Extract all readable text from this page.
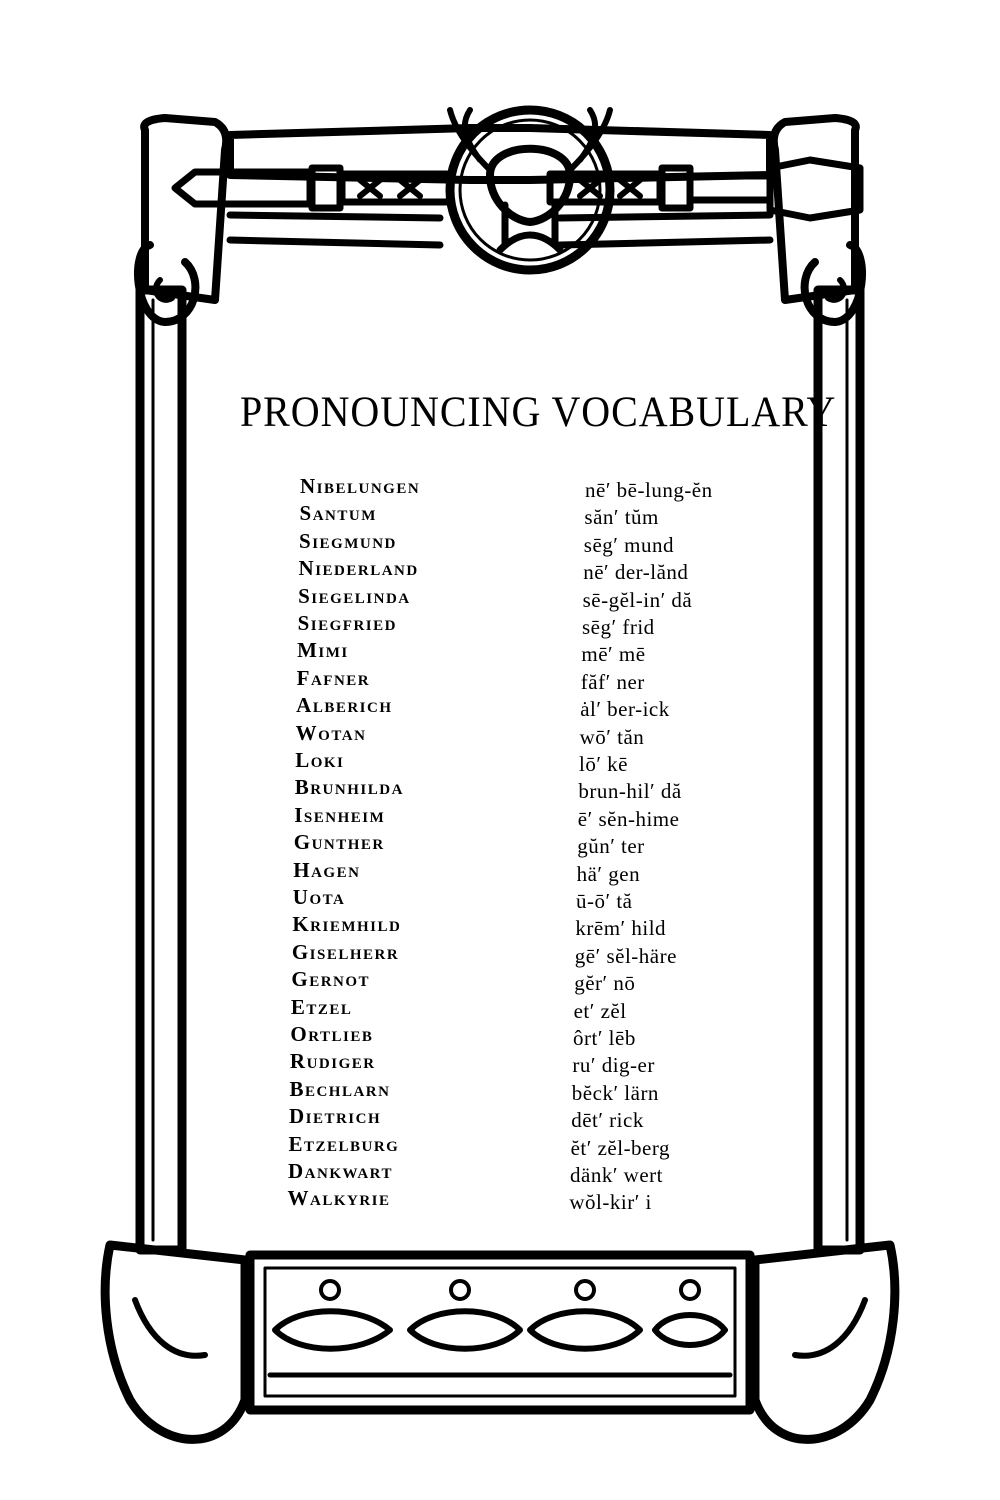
PRONOUNCING VOCABULARY
Nibelungen	nē′ bē-lung-ĕn
Santum	săn′ tŭm
Siegmund	sēg′ mund
Niederland	nē′ der-lănd
Siegelinda	sē-gĕl-in′ dă
Siegfried	sēg′ frid
Mimi	mē′ mē
Fafner	făf′ ner
Alberich	ȧl′ ber-ick
Wotan	wō′ tăn
Loki	lō′ kē
Brunhilda	brun-hil′ dă
Isenheim	ē′ sĕn-hime
Gunther	gŭn′ ter
Hagen	hä′ gen
Uota	ū-ō′ tă
Kriemhild	krēm′ hild
Giselherr	gē′ sĕl-häre
Gernot	gĕr′ nō
Etzel	et′ zĕl
Ortlieb	ôrt′ lēb
Rudiger	ru′ dig-er
Bechlarn	bĕck′ lärn
Dietrich	dēt′ rick
Etzelburg	ĕt′ zĕl-berg
Dankwart	dänk′ wert
Walkyrie	wŏl-kir′ i
